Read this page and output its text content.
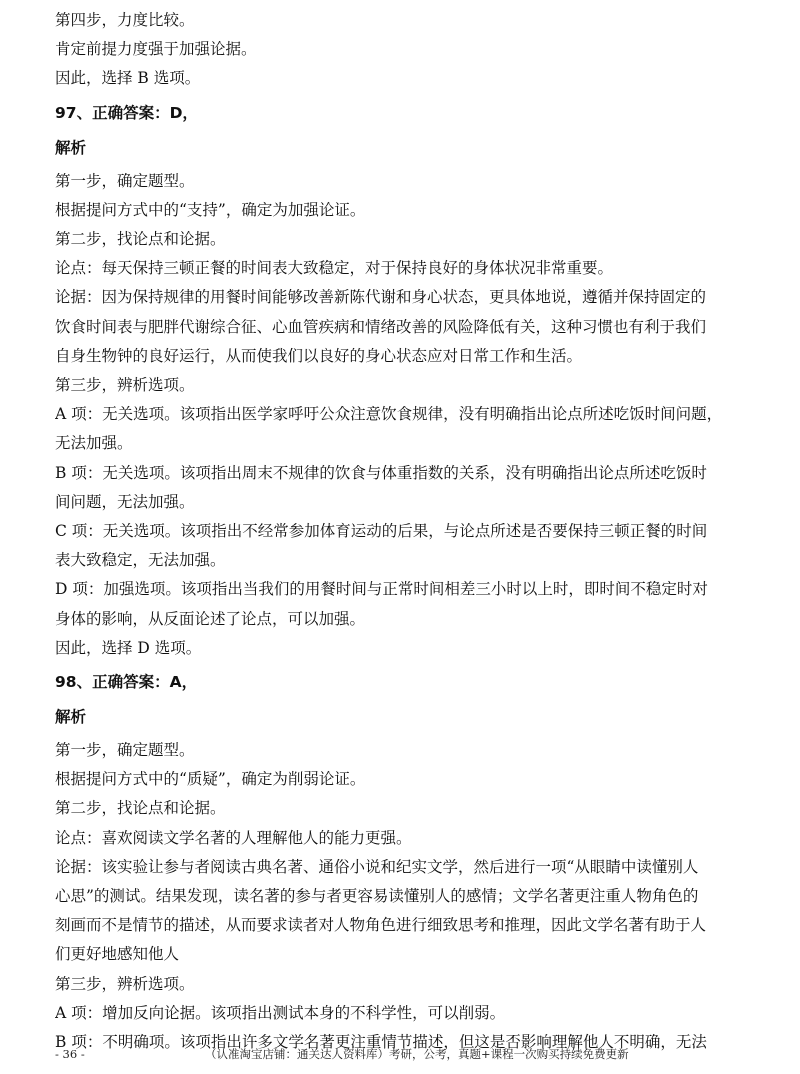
第四步，力度比较。
肯定前提力度强于加强论据。
因此，选择 B 选项。
97、正确答案：D，
解析
第一步，确定题型。
根据提问方式中的“支持”，确定为加强论证。
第二步，找论点和论据。
论点：每天保持三顿正餐的时间表大致稳定，对于保持良好的身体状况非常重要。
论据：因为保持规律的用餐时间能够改善新陈代谢和身心状态，更具体地说，遵循并保持固定的
饮食时间表与肥胖代谢综合征、心血管疾病和情绪改善的风险降低有关，这种习惯也有利于我们
自身生物钟的良好运行，从而使我们以良好的身心状态应对日常工作和生活。
第三步，辨析选项。
A 项：无关选项。该项指出医学家呼吁公众注意饮食规律，没有明确指出论点所述吃饭时间问题，
无法加强。
B 项：无关选项。该项指出周末不规律的饮食与体重指数的关系，没有明确指出论点所述吃饭时
间问题，无法加强。
C 项：无关选项。该项指出不经常参加体育运动的后果，与论点所述是否要保持三顿正餐的时间
表大致稳定，无法加强。
D 项：加强选项。该项指出当我们的用餐时间与正常时间相差三小时以上时，即时间不稳定时对
身体的影响，从反面论述了论点，可以加强。
因此，选择 D 选项。
98、正确答案：A，
解析
第一步，确定题型。
根据提问方式中的“质疑”，确定为削弱论证。
第二步，找论点和论据。
论点：喜欢阅读文学名著的人理解他人的能力更强。
论据：该实验让参与者阅读古典名著、通俗小说和纪实文学，然后进行一项“从眼睛中读懂别人
心思”的测试。结果发现，读名著的参与者更容易读懂别人的感情；文学名著更注重人物角色的
刻画而不是情节的描述，从而要求读者对人物角色进行细致思考和推理，因此文学名著有助于人
们更好地感知他人
第三步，辨析选项。
A 项：增加反向论据。该项指出测试本身的不科学性，可以削弱。
B 项：不明确项。该项指出许多文学名著更注重情节描述，但这是否影响理解他人不明确，无法
- 36 -	（认准淘宝店铺：通关达人资料库）考研，公考，真题+课程一次购买持续免费更新
